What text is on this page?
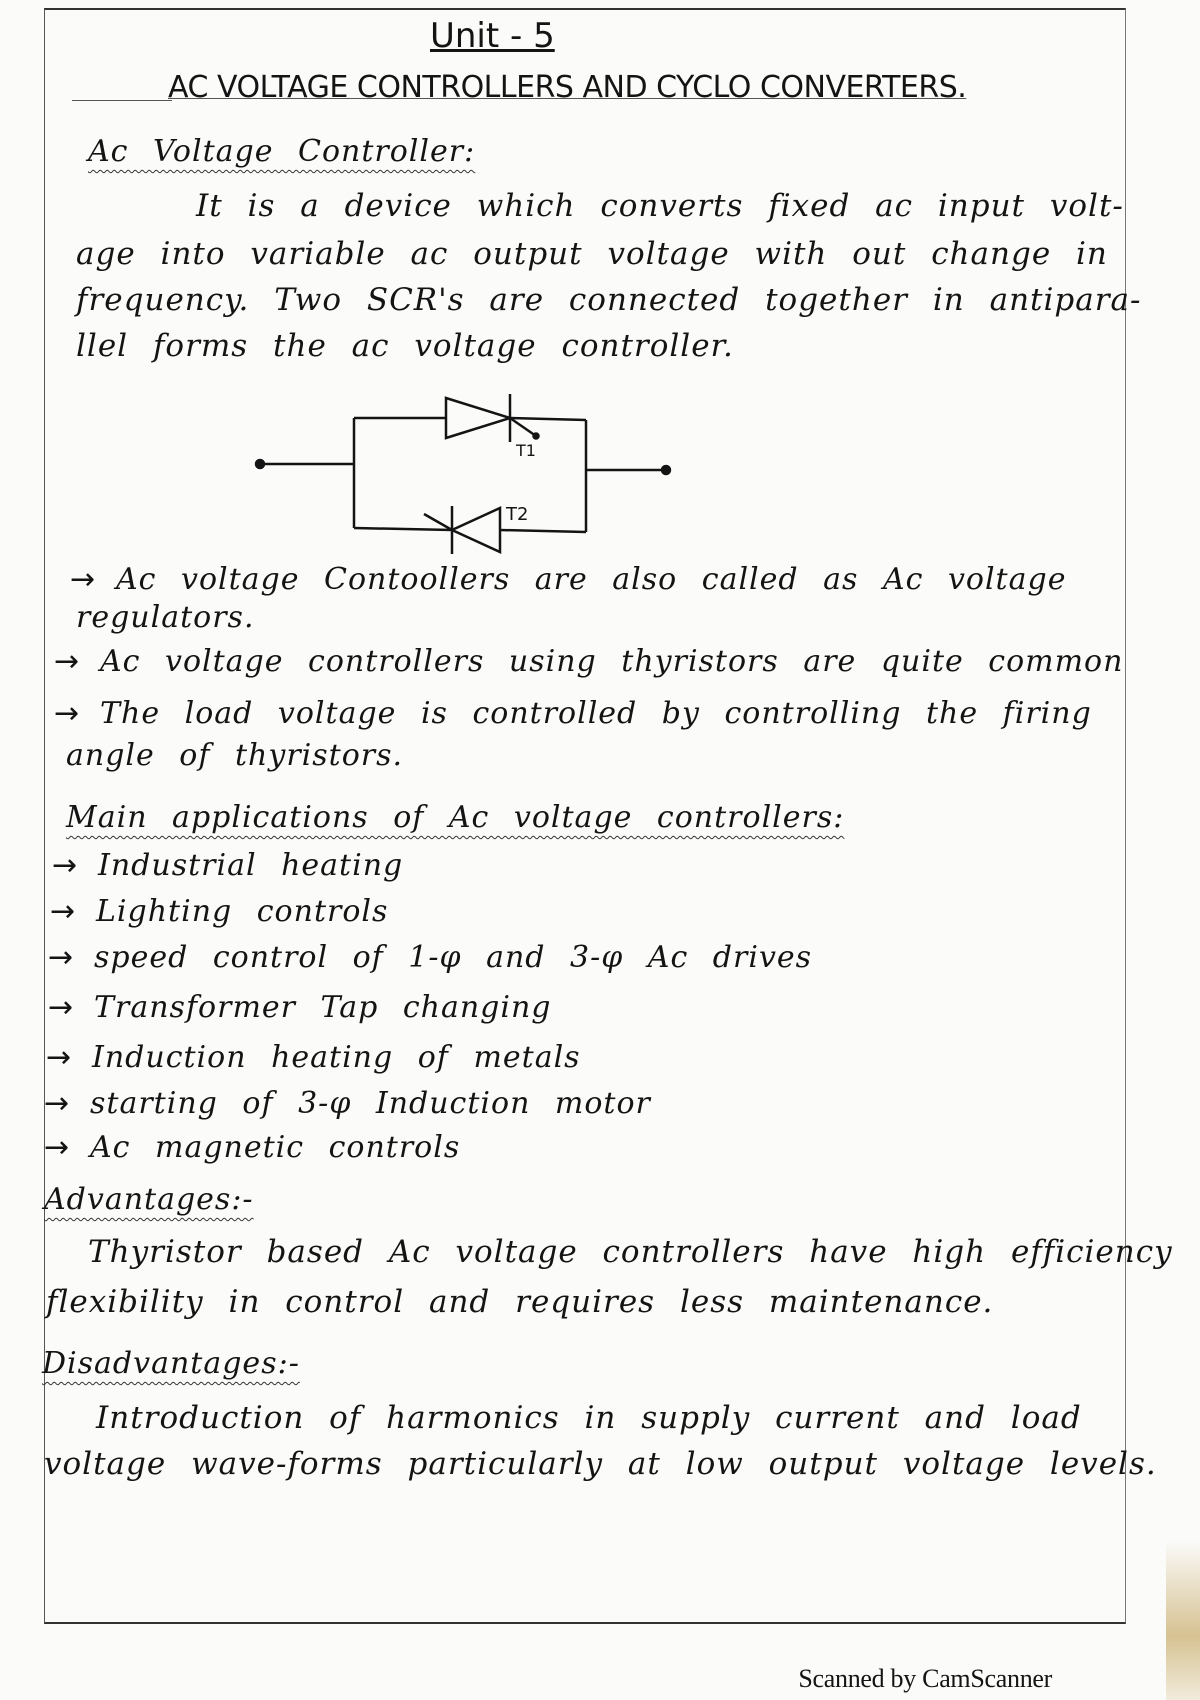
Unit - 5
AC VOLTAGE CONTROLLERS AND CYCLO CONVERTERS.
Ac Voltage Controller:
It is a device which converts fixed ac input volt-
age into variable ac output voltage with out change in
frequency. Two SCR's are connected together in antipara-
llel forms the ac voltage controller.
T1
T2
→ Ac voltage Contoollers are also called as Ac voltage
regulators.
→ Ac voltage controllers using thyristors are quite common
→ The load voltage is controlled by controlling the firing
angle of thyristors.
Main applications of Ac voltage controllers:
→ Industrial heating
→ Lighting controls
→ speed control of 1-φ and 3-φ Ac drives
→ Transformer Tap changing
→ Induction heating of metals
→ starting of 3-φ Induction motor
→ Ac magnetic controls
Advantages:-
Thyristor based Ac voltage controllers have high efficiency
flexibility in control and requires less maintenance.
Disadvantages:-
Introduction of harmonics in supply current and load
voltage wave-forms particularly at low output voltage levels.
Scanned by CamScanner
